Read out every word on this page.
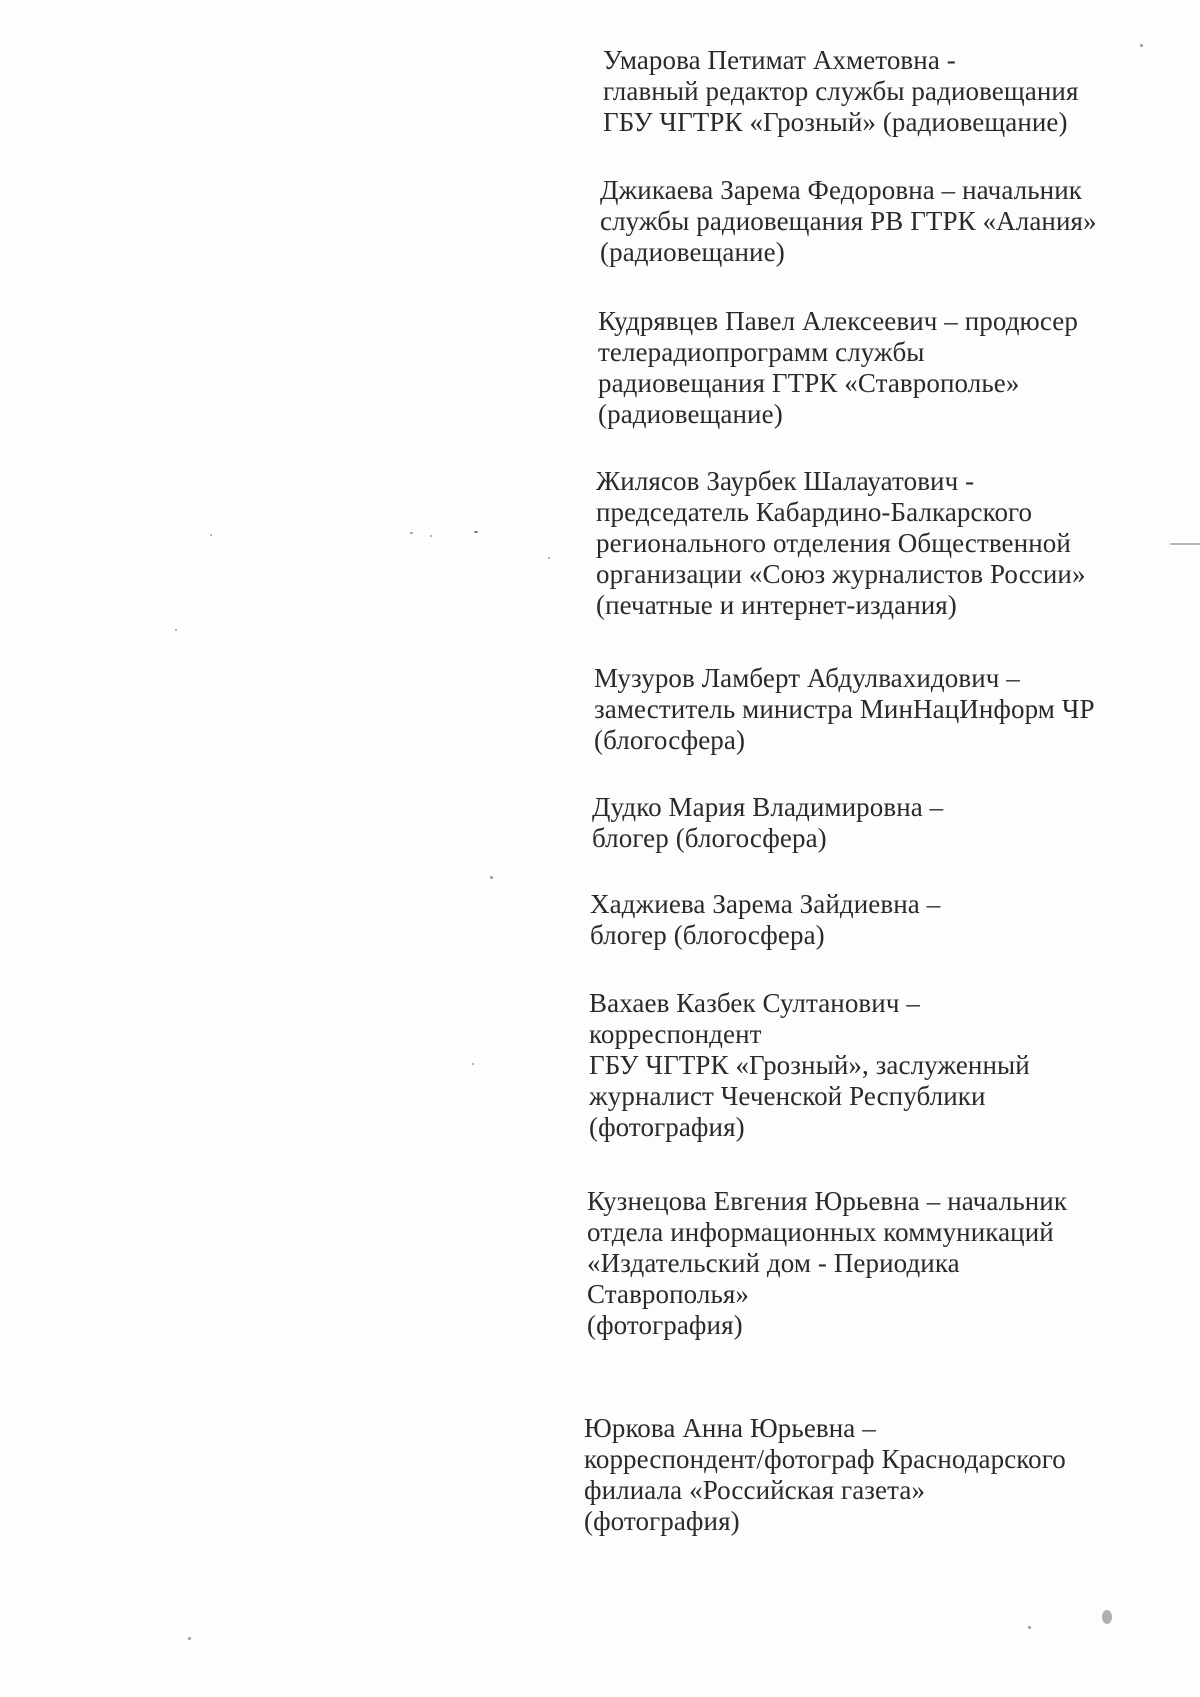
Умарова Петимат Ахметовна -
главный редактор службы радиовещания
ГБУ ЧГТРК «Грозный» (радиовещание)
Джикаева Зарема Федоровна – начальник
службы радиовещания РВ ГТРК «Алания»
(радиовещание)
Кудрявцев Павел Алексеевич – продюсер
телерадиопрограмм службы
радиовещания ГТРК «Ставрополье»
(радиовещание)
Жилясов Заурбек Шалауатович -
председатель Кабардино-Балкарского
регионального отделения Общественной
организации «Союз журналистов России»
(печатные и интернет-издания)
Музуров Ламберт Абдулвахидович –
заместитель министра МинНацИнформ ЧР
(блогосфера)
Дудко Мария Владимировна –
блогер (блогосфера)
Хаджиева Зарема Зайдиевна –
блогер (блогосфера)
Вахаев Казбек Султанович –
корреспондент
ГБУ ЧГТРК «Грозный», заслуженный
журналист Чеченской Республики
(фотография)
Кузнецова Евгения Юрьевна – начальник
отдела информационных коммуникаций
«Издательский дом - Периодика
Ставрополья»
(фотография)
Юркова Анна Юрьевна –
корреспондент/фотограф Краснодарского
филиала «Российская газета»
(фотография)
